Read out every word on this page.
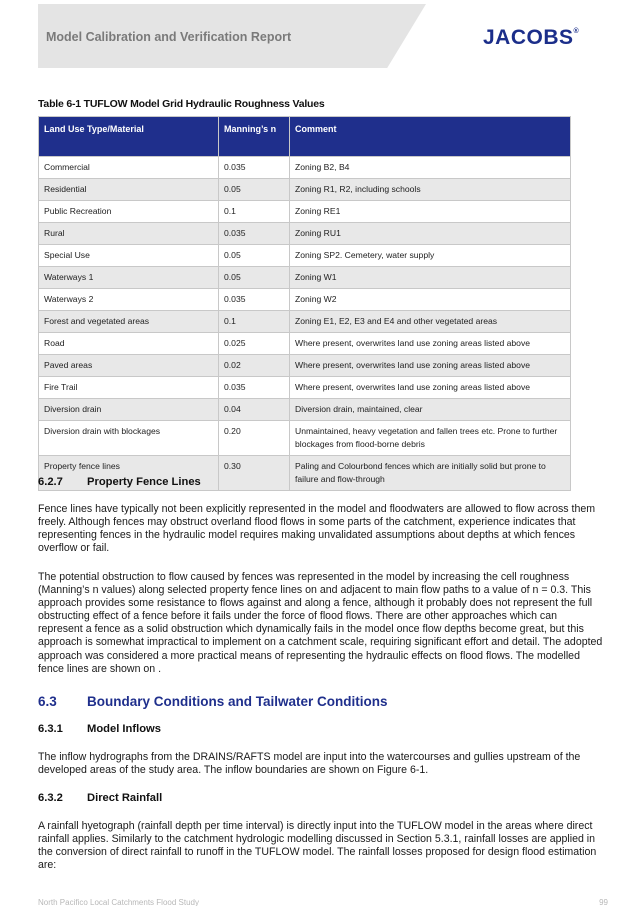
Model Calibration and Verification Report	JACOBS®
Table 6-1 TUFLOW Model Grid Hydraulic Roughness Values
Land Use Type/Material	Manning’s n	Comment
Commercial	0.035	Zoning B2, B4
Residential	0.05	Zoning R1, R2, including schools
Public Recreation	0.1	Zoning RE1
Rural	0.035	Zoning RU1
Special Use	0.05	Zoning SP2. Cemetery, water supply
Waterways 1	0.05	Zoning W1
Waterways 2	0.035	Zoning W2
Forest and vegetated areas	0.1	Zoning E1, E2, E3 and E4 and other vegetated areas
Road	0.025	Where present, overwrites land use zoning areas listed above
Paved areas	0.02	Where present, overwrites land use zoning areas listed above
Fire Trail	0.035	Where present, overwrites land use zoning areas listed above
Diversion drain	0.04	Diversion drain, maintained, clear
Diversion drain with blockages	0.20	Unmaintained, heavy vegetation and fallen trees etc. Prone to further blockages from flood-borne debris
Property fence lines	0.30	Paling and Colourbond fences which are initially solid but prone to failure and flow-through
6.2.7 Property Fence Lines
Fence lines have typically not been explicitly represented in the model and floodwaters are allowed to flow across them freely. Although fences may obstruct overland flood flows in some parts of the catchment, experience indicates that representing fences in the hydraulic model requires making unvalidated assumptions about depths at which fences overflow or fail.
The potential obstruction to flow caused by fences was represented in the model by increasing the cell roughness (Manning’s n values) along selected property fence lines on and adjacent to main flow paths to a value of n = 0.3. This approach provides some resistance to flows against and along a fence, although it probably does not represent the full obstructing effect of a fence before it fails under the force of flood flows. There are other approaches which can represent a fence as a solid obstruction which dynamically fails in the model once flow depths become great, but this approach is somewhat impractical to implement on a catchment scale, requiring significant effort and detail. The adopted approach was considered a more practical means of representing the hydraulic effects on flood flows. The modelled fence lines are shown on .
6.3 Boundary Conditions and Tailwater Conditions
6.3.1 Model Inflows
The inflow hydrographs from the DRAINS/RAFTS model are input into the watercourses and gullies upstream of the developed areas of the study area. The inflow boundaries are shown on Figure 6-1.
6.3.2 Direct Rainfall
A rainfall hyetograph (rainfall depth per time interval) is directly input into the TUFLOW model in the areas where direct rainfall applies. Similarly to the catchment hydrologic modelling discussed in Section 5.3.1, rainfall losses are applied in the conversion of direct rainfall to runoff in the TUFLOW model. The rainfall losses proposed for design flood estimation are:
North Pacifico Local Catchments Flood Study	99
